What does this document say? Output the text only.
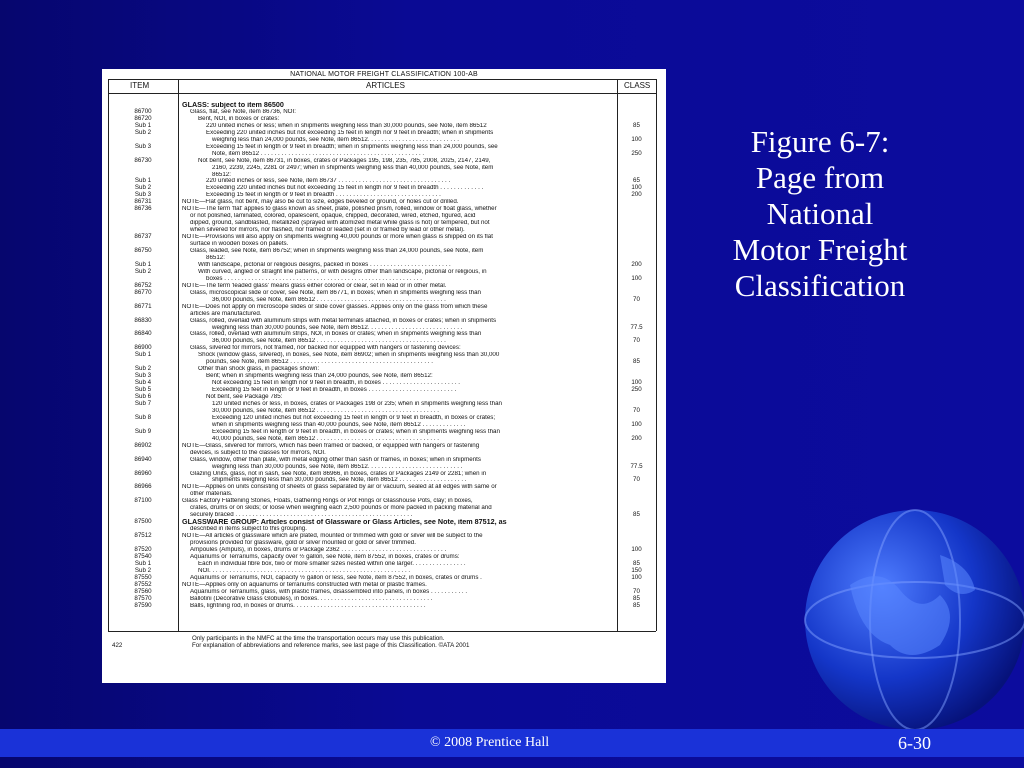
NATIONAL MOTOR FREIGHT CLASSIFICATION 100-AB
ITEM	ARTICLES	CLASS
GLASS: subject to item 86500
86700	Glass, flat, see Note, item 86736, NOI:
86720	Bent, NOI, in boxes or crates:
Sub 1	220 united inches or less; when in shipments weighing less than 30,000 pounds, see Note, item 86512	85
Sub 2	Exceeding 220 united inches but not exceeding 15 feet in length nor 9 feet in breadth; when in shipments
weighing less than 24,000 pounds, see Note, item 86512. . . . . . . . . . . . . . . . . . . . . . . . . . .	100
Sub 3	Exceeding 15 feet in length or 9 feet in breadth; when in shipments weighing less than 24,000 pounds, see
Note, item 86512 . . . . . . . . . . . . . . . . . . . . . . . . . . . . . . . . . . . . . . . . . . . . . . . .	250
86730	Not bent, see Note, item 86731, in boxes, crates or Packages 195, 198, 235, 785, 2008, 2025, 2147, 2149,
2160, 2239, 2245, 2281 or 2497; when in shipments weighing less than 40,000 pounds, see Note, item
86512:
Sub 1	220 united inches or less, see Note, item 86737 . . . . . . . . . . . . . . . . . . . . . . . . . . . . . . . . .	65
Sub 2	Exceeding 220 united inches but not exceeding 15 feet in length nor 9 feet in breadth . . . . . . . . . . . . .	100
Sub 3	Exceeding 15 feet in length or 9 feet in breadth . . . . . . . . . . . . . . . . . . . . . . . . . . . . . . .	200
86731	NOTE—Flat glass, not bent, may also be cut to size, edges beveled or ground, or holes cut or drilled.
86736	NOTE—The term 'flat' applies to glass known as sheet, plate, polished prism, rolled, window or float glass, whether
or not polished, laminated, colored, opalescent, opaque, chipped, decorated, wired, etched, figured, acid
dipped, ground, sandblasted, metallized (sprayed with atomized metal while glass is hot) or tempered, but not
when silvered for mirrors, nor flashed, nor framed or leaded (set in or framed by lead or other metal).
86737	NOTE—Provisions will also apply on shipments weighing 40,000 pounds or more when glass is shipped on its flat
surface in wooden boxes on pallets.
86750	Glass, leaded, see Note, item 86752; when in shipments weighing less than 24,000 pounds, see Note, item
86512:
Sub 1	With landscape, pictorial or religious designs, packed in boxes . . . . . . . . . . . . . . . . . . . . . . . .	200
Sub 2	With curved, angled or straight line patterns, or with designs other than landscape, pictorial or religious, in
boxes . . . . . . . . . . . . . . . . . . . . . . . . . . . . . . . . . . . . . . . . . . . . . . . . . . . . . . . . . .	100
86752	NOTE—The term 'leaded glass' means glass either colored or clear, set in lead or in other metal.
86770	Glass, microscopical slide or cover, see Note, item 86771, in boxes; when in shipments weighing less than
36,000 pounds, see Note, item 86512 . . . . . . . . . . . . . . . . . . . . . . . . . . . . . . . . . . . . . .	70
86771	NOTE—Does not apply on microscope slides or slide cover glasses. Applies only on the glass from which these
articles are manufactured.
86830	Glass, rolled, overlaid with aluminum strips with metal terminals attached, in boxes or crates; when in shipments
weighing less than 30,000 pounds, see Note, item 86512. . . . . . . . . . . . . . . . . . . . . . . . . . . .	77.5
86840	Glass, rolled, overlaid with aluminum strips, NOI, in boxes or crates; when in shipments weighing less than
36,000 pounds, see Note, item 86512 . . . . . . . . . . . . . . . . . . . . . . . . . . . . . . . . . . . . . .	70
86900	Glass, silvered for mirrors, not framed, nor backed nor equipped with hangers or fastening devices:
Sub 1	Shock (window glass, silvered), in boxes, see Note, item 86902; when in shipments weighing less than 30,000
pounds, see Note, item 86512 . . . . . . . . . . . . . . . . . . . . . . . . . . . . . . . . . . . . . . . . . .	85
Sub 2	Other than shock glass, in packages shown:
Sub 3	Bent; when in shipments weighing less than 24,000 pounds, see Note, item 86512:
Sub 4	Not exceeding 15 feet in length nor 9 feet in breadth, in boxes . . . . . . . . . . . . . . . . . . . . . . .	100
Sub 5	Exceeding 15 feet in length or 9 feet in breadth, in boxes . . . . . . . . . . . . . . . . . . . . . . . . . .	250
Sub 6	Not bent, see Package 785:
Sub 7	120 united inches or less, in boxes, crates or Packages 198 or 235; when in shipments weighing less than
30,000 pounds, see Note, item 86512 . . . . . . . . . . . . . . . . . . . . . . . . . . . . . . . . . . . .	70
Sub 8	Exceeding 120 united inches but not exceeding 15 feet in length or 9 feet in breadth, in boxes or crates;
when in shipments weighing less than 40,000 pounds, see Note, item 86512 . . . . . . . . . . . . .	100
Sub 9	Exceeding 15 feet in length or 9 feet in breadth, in boxes or crates; when in shipments weighing less than
40,000 pounds, see Note, item 86512 . . . . . . . . . . . . . . . . . . . . . . . . . . . . . . . . . . . .	200
86902	NOTE—Glass, silvered for mirrors, which has been framed or backed, or equipped with hangers or fastening
devices, is subject to the classes for mirrors, NOI.
86940	Glass, window, other than plate, with metal edging other than sash or frames, in boxes; when in shipments
weighing less than 30,000 pounds, see Note, item 86512. . . . . . . . . . . . . . . . . . . . . . . . . . . .	77.5
86960	Glazing Units, glass, not in sash, see Note, item 86966, in boxes, crates or Packages 2149 or 2281; when in
shipments weighing less than 30,000 pounds, see Note, item 86512 . . . . . . . . . . . . . . . . . . . .	70
86966	NOTE—Applies on units consisting of sheets of glass separated by air or vacuum, sealed at all edges with same or
other materials.
87100	Glass Factory Flattening Stones, Floats, Gathering Rings or Pot Rings or Glasshouse Pots, clay; in boxes,
crates, drums or on skids; or loose when weighing each 2,500 pounds or more packed in packing material and
securely braced . . . . . . . . . . . . . . . . . . . . . . . . . . . . . . . . . . . . . . . . . . . . . . . . . . . .	85
87500	GLASSWARE GROUP: Articles consist of Glassware or Glass Articles, see Note, item 87512, as
described in items subject to this grouping.
87512	NOTE—All articles of glassware which are plated, mounted or trimmed with gold or silver will be subject to the
provisions provided for glassware, gold or silver mounted or gold or silver trimmed.
87520	Ampoules (Ampuls), in boxes, drums or Package 2362 . . . . . . . . . . . . . . . . . . . . . . . . . . . . . . .	100
87540	Aquariums or Terrariums, capacity over ½ gallon, see Note, item 87552, in boxes, crates or drums:
Sub 1	Each in individual fibre box, two or more smaller sizes nested within one larger. . . . . . . . . . . . . . . .	85
Sub 2	NOI. . . . . . . . . . . . . . . . . . . . . . . . . . . . . . . . . . . . . . . . . . . . . . . . . . . . . . . . . . .	150
87550	Aquariums or Terrariums, NOI, capacity ½ gallon or less, see Note, item 87552, in boxes, crates or drums .	100
87552	NOTE—Applies only on aquariums or terrariums constructed with metal or plastic frames.
87560	Aquariums or Terrariums, glass, with plastic frames, disassembled into panels, in boxes . . . . . . . . . . .	70
87570	Ballotini (Decorative Glass Globules), in boxes. . . . . . . . . . . . . . . . . . . . . . . . . . . . . . . . . .	85
87590	Balls, lightning rod, in boxes or drums. . . . . . . . . . . . . . . . . . . . . . . . . . . . . . . . . . . . . . .	85
422
Only participants in the NMFC at the time the transportation occurs may use this publication.
For explanation of abbreviations and reference marks, see last page of this Classification. ©ATA 2001
Figure 6-7:
Page from
National
Motor Freight
Classification
© 2008 Prentice Hall	6-30
